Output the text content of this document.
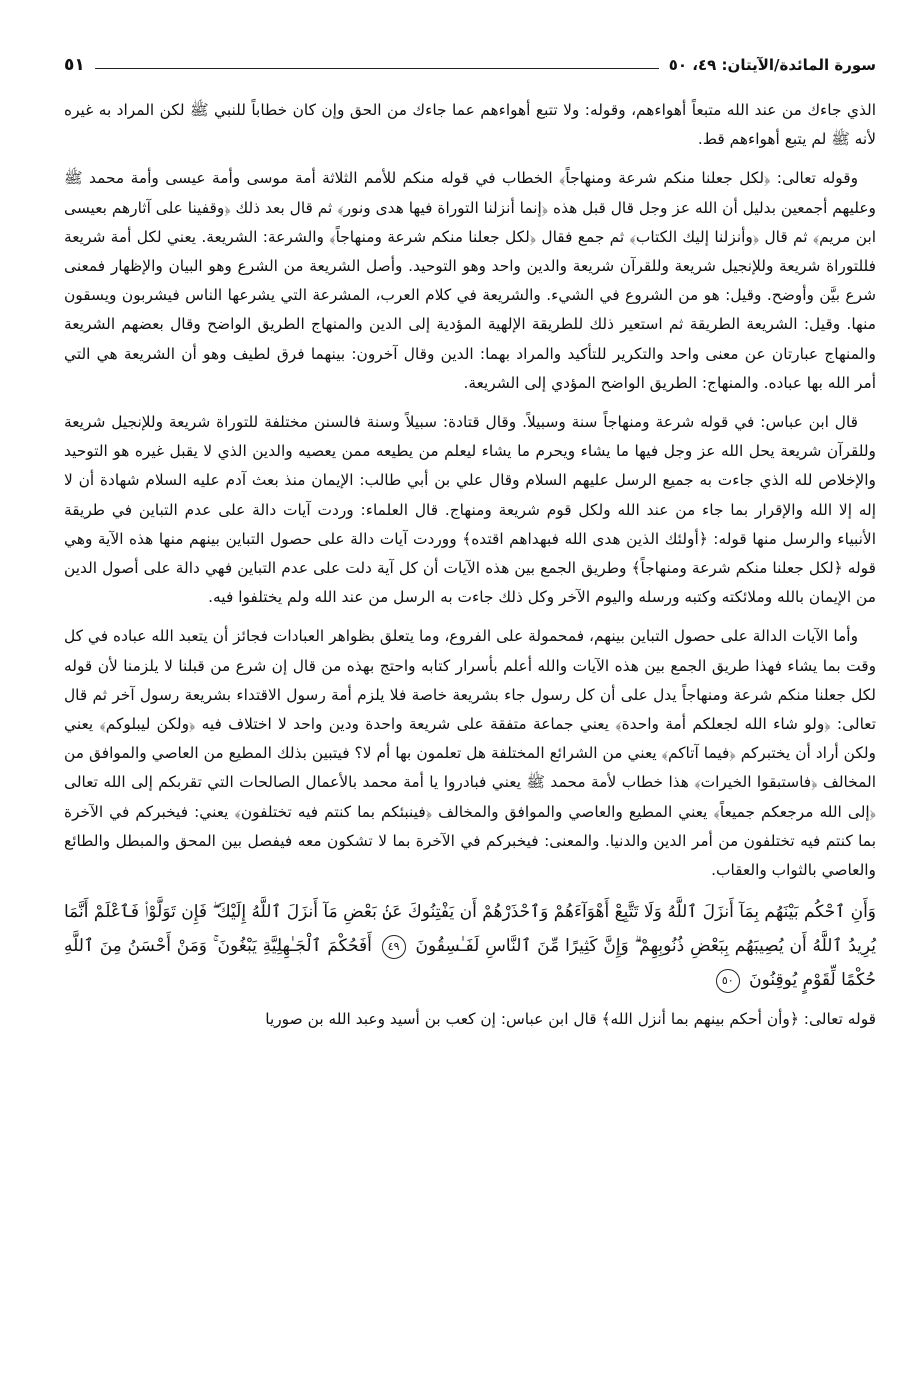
سورة المائدة/الآيتان: ٤٩، ٥٠
٥١

الذي جاءك من عند الله متبعاً أهواءهم، وقوله: ولا تتبع أهواءهم عما جاءك من الحق وإن كان خطاباً للنبي ﷺ لكن المراد به غيره لأنه ﷺ لم يتبع أهواءهم قط.

وقوله تعالى: ﴿لكل جعلنا منكم شرعة ومنهاجاً﴾ الخطاب في قوله منكم للأمم الثلاثة أمة موسى وأمة عيسى وأمة محمد ﷺ وعليهم أجمعين بدليل أن الله عز وجل قال قبل هذه ﴿إنما أنزلنا التوراة فيها هدى ونور﴾ ثم قال بعد ذلك ﴿وقفينا على آثارهم بعيسى ابن مريم﴾ ثم قال ﴿وأنزلنا إليك الكتاب﴾ ثم جمع فقال ﴿لكل جعلنا منكم شرعة ومنهاجاً﴾ والشرعة: الشريعة. يعني لكل أمة شريعة فللتوراة شريعة وللإنجيل شريعة وللقرآن شريعة والدين واحد وهو التوحيد. وأصل الشريعة من الشرع وهو البيان والإظهار فمعنى شرع بيَّن وأوضح. وقيل: هو من الشروع في الشيء. والشريعة في كلام العرب، المشرعة التي يشرعها الناس فيشربون ويسقون منها. وقيل: الشريعة الطريقة ثم استعير ذلك للطريقة الإلهية المؤدية إلى الدين والمنهاج الطريق الواضح وقال بعضهم الشريعة والمنهاج عبارتان عن معنى واحد والتكرير للتأكيد والمراد بهما: الدين وقال آخرون: بينهما فرق لطيف وهو أن الشريعة هي التي أمر الله بها عباده. والمنهاج: الطريق الواضح المؤدي إلى الشريعة.

قال ابن عباس: في قوله شرعة ومنهاجاً سنة وسبيلاً. وقال قتادة: سبيلاً وسنة فالسنن مختلفة للتوراة شريعة وللإنجيل شريعة وللقرآن شريعة يحل الله عز وجل فيها ما يشاء ويحرم ما يشاء ليعلم من يطيعه ممن يعصيه والدين الذي لا يقبل غيره هو التوحيد والإخلاص لله الذي جاءت به جميع الرسل عليهم السلام وقال علي بن أبي طالب: الإيمان منذ بعث آدم عليه السلام شهادة أن لا إله إلا الله والإقرار بما جاء من عند الله ولكل قوم شريعة ومنهاج. قال العلماء: وردت آيات دالة على عدم التباين في طريقة الأنبياء والرسل منها قوله: ﴿أولئك الذين هدى الله فبهداهم اقتده﴾ ووردت آيات دالة على حصول التباين بينهم منها هذه الآية وهي قوله ﴿لكل جعلنا منكم شرعة ومنهاجاً﴾ وطريق الجمع بين هذه الآيات أن كل آية دلت على عدم التباين فهي دالة على أصول الدين من الإيمان بالله وملائكته وكتبه ورسله واليوم الآخر وكل ذلك جاءت به الرسل من عند الله ولم يختلفوا فيه.

وأما الآيات الدالة على حصول التباين بينهم، فمحمولة على الفروع، وما يتعلق بظواهر العبادات فجائز أن يتعبد الله عباده في كل وقت بما يشاء فهذا طريق الجمع بين هذه الآيات والله أعلم بأسرار كتابه واحتج بهذه من قال إن شرع من قبلنا لا يلزمنا لأن قوله لكل جعلنا منكم شرعة ومنهاجاً يدل على أن كل رسول جاء بشريعة خاصة فلا يلزم أمة رسول الاقتداء بشريعة رسول آخر ثم قال تعالى: ﴿ولو شاء الله لجعلكم أمة واحدة﴾ يعني جماعة متفقة على شريعة واحدة ودين واحد لا اختلاف فيه ﴿ولكن ليبلوكم﴾ يعني ولكن أراد أن يختبركم ﴿فيما آتاكم﴾ يعني من الشرائع المختلفة هل تعلمون بها أم لا؟ فيتبين بذلك المطيع من العاصي والموافق من المخالف ﴿فاستبقوا الخيرات﴾ هذا خطاب لأمة محمد ﷺ يعني فبادروا يا أمة محمد بالأعمال الصالحات التي تقربكم إلى الله تعالى ﴿إلى الله مرجعكم جميعاً﴾ يعني المطيع والعاصي والموافق والمخالف ﴿فينبئكم بما كنتم فيه تختلفون﴾ يعني: فيخبركم في الآخرة بما كنتم فيه تختلفون من أمر الدين والدنيا. والمعنى: فيخبركم في الآخرة بما لا تشكون معه فيفصل بين المحق والمبطل والطائع والعاصي بالثواب والعقاب.

وَأَنِ ٱحْكُم بَيْنَهُم بِمَآ أَنزَلَ ٱللَّهُ وَلَا تَتَّبِعْ أَهْوَآءَهُمْ وَٱحْذَرْهُمْ أَن يَفْتِنُوكَ عَنۢ بَعْضِ مَآ أَنزَلَ ٱللَّهُ إِلَيْكَ ۖ فَإِن تَوَلَّوْا۟ فَٱعْلَمْ أَنَّمَا يُرِيدُ ٱللَّهُ أَن يُصِيبَهُم بِبَعْضِ ذُنُوبِهِمْ ۗ وَإِنَّ كَثِيرًا مِّنَ ٱلنَّاسِ لَفَـٰسِقُونَ ٤٩ أَفَحُكْمَ ٱلْجَـٰهِلِيَّةِ يَبْغُونَ ۚ وَمَنْ أَحْسَنُ مِنَ ٱللَّهِ حُكْمًا لِّقَوْمٍ يُوقِنُونَ ٥٠

قوله تعالى: ﴿وأن أحكم بينهم بما أنزل الله﴾ قال ابن عباس: إن كعب بن أسيد وعبد الله بن صوريا
